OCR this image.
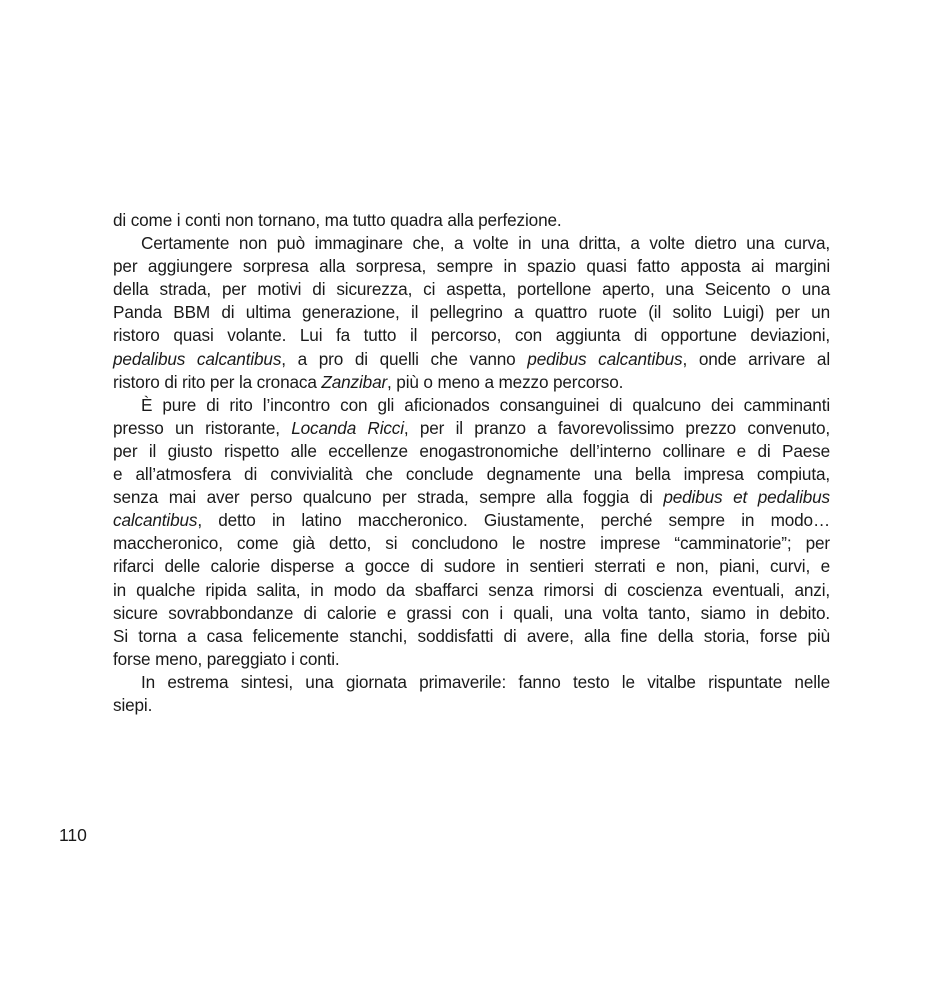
di come i conti non tornano, ma tutto quadra alla perfezione.
Certamente non può immaginare che, a volte in una dritta, a volte dietro una curva,
per aggiungere sorpresa alla sorpresa, sempre in spazio quasi fatto apposta ai margini
della strada, per motivi di sicurezza, ci aspetta, portellone aperto, una Seicento o una
Panda BBM di ultima generazione, il pellegrino a quattro ruote (il solito Luigi) per un
ristoro quasi volante. Lui fa tutto il percorso, con aggiunta di opportune deviazioni,
pedalibus calcantibus, a pro di quelli che vanno pedibus calcantibus, onde arrivare al
ristoro di rito per la cronaca Zanzibar, più o meno a mezzo percorso.
È pure di rito l’incontro con gli aficionados consanguinei di qualcuno dei camminanti
presso un ristorante, Locanda Ricci, per il pranzo a favorevolissimo prezzo convenuto,
per il giusto rispetto alle eccellenze enogastronomiche dell’interno collinare e di Paese
e all’atmosfera di convivialità che conclude degnamente una bella impresa compiuta,
senza mai aver perso qualcuno per strada, sempre alla foggia di pedibus et pedalibus
calcantibus, detto in latino maccheronico. Giustamente, perché sempre in modo…
maccheronico, come già detto, si concludono le nostre imprese “camminatorie”; per
rifarci delle calorie disperse a gocce di sudore in sentieri sterrati e non, piani, curvi, e
in qualche ripida salita, in modo da sbaffarci senza rimorsi di coscienza eventuali, anzi,
sicure sovrabbondanze di calorie e grassi con i quali, una volta tanto, siamo in debito.
Si torna a casa felicemente stanchi, soddisfatti di avere, alla fine della storia, forse più
forse meno, pareggiato i conti.
In estrema sintesi, una giornata primaverile: fanno testo le vitalbe rispuntate nelle
siepi.
110
